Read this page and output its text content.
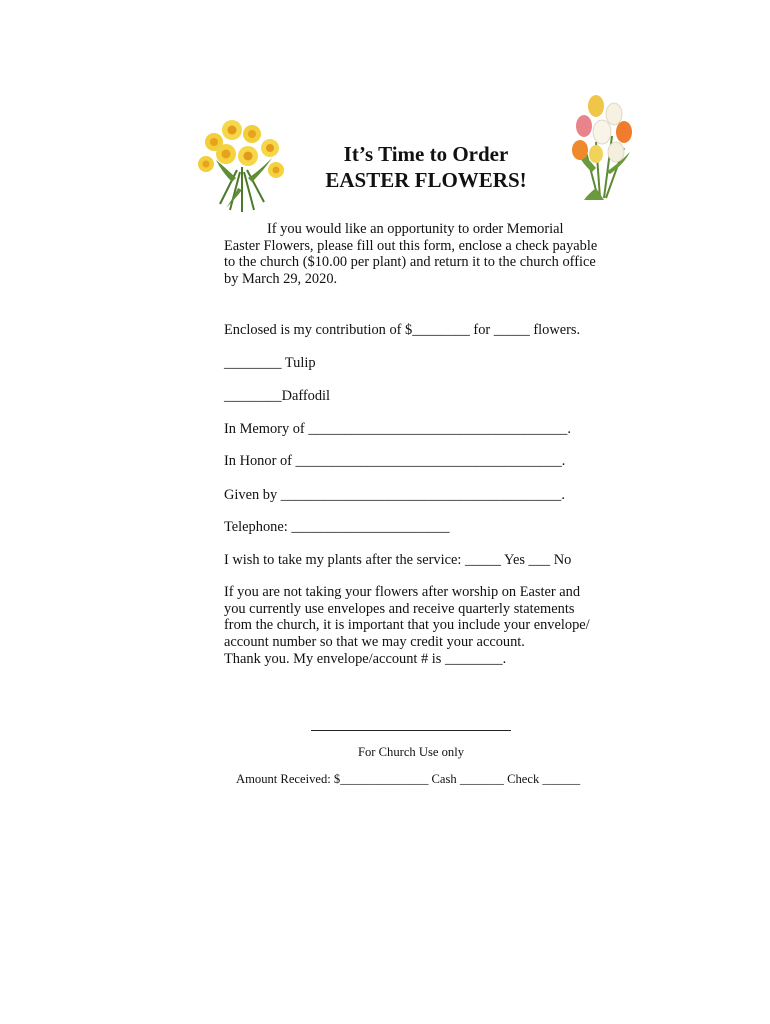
It’s Time to Order
EASTER FLOWERS!
If you would like an opportunity to order Memorial
Easter Flowers, please fill out this form, enclose a check payable
to the church ($10.00 per plant) and return it to the church office
by March 29, 2020.
Enclosed is my contribution of $________ for _____ flowers.
________ Tulip
________Daffodil
In Memory of ____________________________________.
In Honor of _____________________________________.
Given by _______________________________________.
Telephone: ______________________
I wish to take my plants after the service: _____ Yes ___ No
If you are not taking your flowers after worship on Easter and
you currently use envelopes and receive quarterly statements
from the church, it is important that you include your envelope/
account number so that we may credit your account.
Thank you. My envelope/account # is ________.
For Church Use only
Amount Received: $______________ Cash _______ Check ______
